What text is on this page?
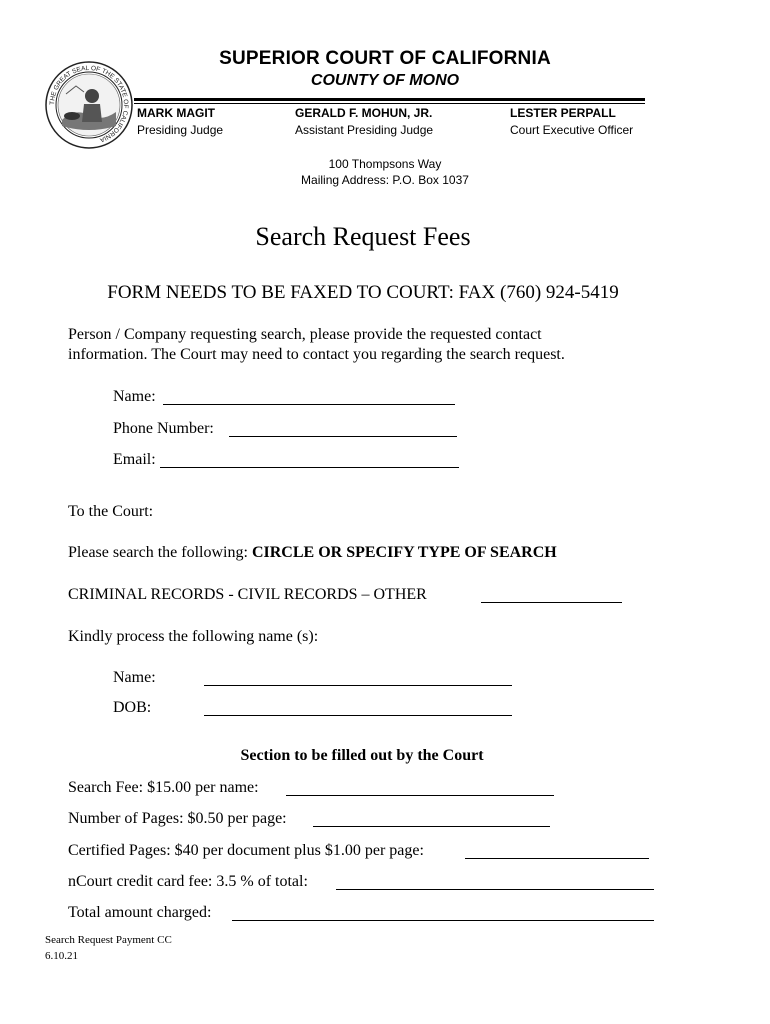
THE GREAT SEAL OF THE STATE OF CALIFORNIA
SUPERIOR COURT OF CALIFORNIA
COUNTY OF MONO
MARK MAGIT
Presiding Judge
GERALD F. MOHUN, JR.
Assistant Presiding Judge
LESTER PERPALL
Court Executive Officer
100 Thompsons Way
Mailing Address: P.O. Box 1037
Search Request Fees
FORM NEEDS TO BE FAXED TO COURT: FAX (760) 924-5419
Person / Company requesting search, please provide the requested contact
information. The Court may need to contact you regarding the search request.
Name:
Phone Number:
Email:
To the Court:
Please search the following: CIRCLE OR SPECIFY TYPE OF SEARCH
CRIMINAL RECORDS - CIVIL RECORDS – OTHER
Kindly process the following name (s):
Name:
DOB:
Section to be filled out by the Court
Search Fee: $15.00 per name:
Number of Pages: $0.50 per page:
Certified Pages: $40 per document plus $1.00 per page:
nCourt credit card fee: 3.5 % of total:
Total amount charged:
Search Request Payment CC
6.10.21
